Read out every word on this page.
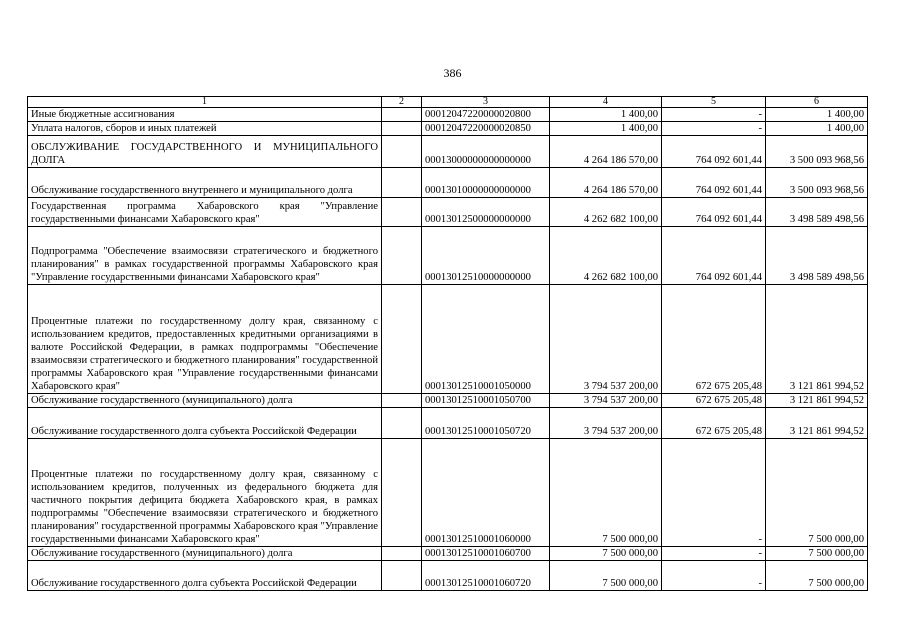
386
1	2	3	4	5	6
Иные бюджетные ассигнования		00012047220000020800	1 400,00	-	1 400,00
Уплата налогов, сборов и иных платежей		00012047220000020850	1 400,00	-	1 400,00
ОБСЛУЖИВАНИЕ ГОСУДАРСТВЕННОГО И МУНИЦИПАЛЬНОГО ДОЛГА		00013000000000000000	4 264 186 570,00	764 092 601,44	3 500 093 968,56
Обслуживание государственного внутреннего и муниципального долга		00013010000000000000	4 264 186 570,00	764 092 601,44	3 500 093 968,56
Государственная программа Хабаровского края "Управление государственными финансами Хабаровского края"		00013012500000000000	4 262 682 100,00	764 092 601,44	3 498 589 498,56
Подпрограмма "Обеспечение взаимосвязи стратегического и бюджетного планирования" в рамках государственной программы Хабаровского края "Управление государственными финансами Хабаровского края"		00013012510000000000	4 262 682 100,00	764 092 601,44	3 498 589 498,56
Процентные платежи по государственному долгу края, связанному с использованием кредитов, предоставленных кредитными организациями в валюте Российской Федерации, в рамках подпрограммы "Обеспечение взаимосвязи стратегического и бюджетного планирования" государственной программы Хабаровского края "Управление государственными финансами Хабаровского края"		00013012510001050000	3 794 537 200,00	672 675 205,48	3 121 861 994,52
Обслуживание государственного (муниципального) долга		00013012510001050700	3 794 537 200,00	672 675 205,48	3 121 861 994,52
Обслуживание государственного долга субъекта Российской Федерации		00013012510001050720	3 794 537 200,00	672 675 205,48	3 121 861 994,52
Процентные платежи по государственному долгу края, связанному с использованием кредитов, полученных из федерального бюджета для частичного покрытия дефицита бюджета Хабаровского края, в рамках подпрограммы "Обеспечение взаимосвязи стратегического и бюджетного планирования" государственной программы Хабаровского края "Управление государственными финансами Хабаровского края"		00013012510001060000	7 500 000,00	-	7 500 000,00
Обслуживание государственного (муниципального) долга		00013012510001060700	7 500 000,00	-	7 500 000,00
Обслуживание государственного долга субъекта Российской Федерации		00013012510001060720	7 500 000,00	-	7 500 000,00
